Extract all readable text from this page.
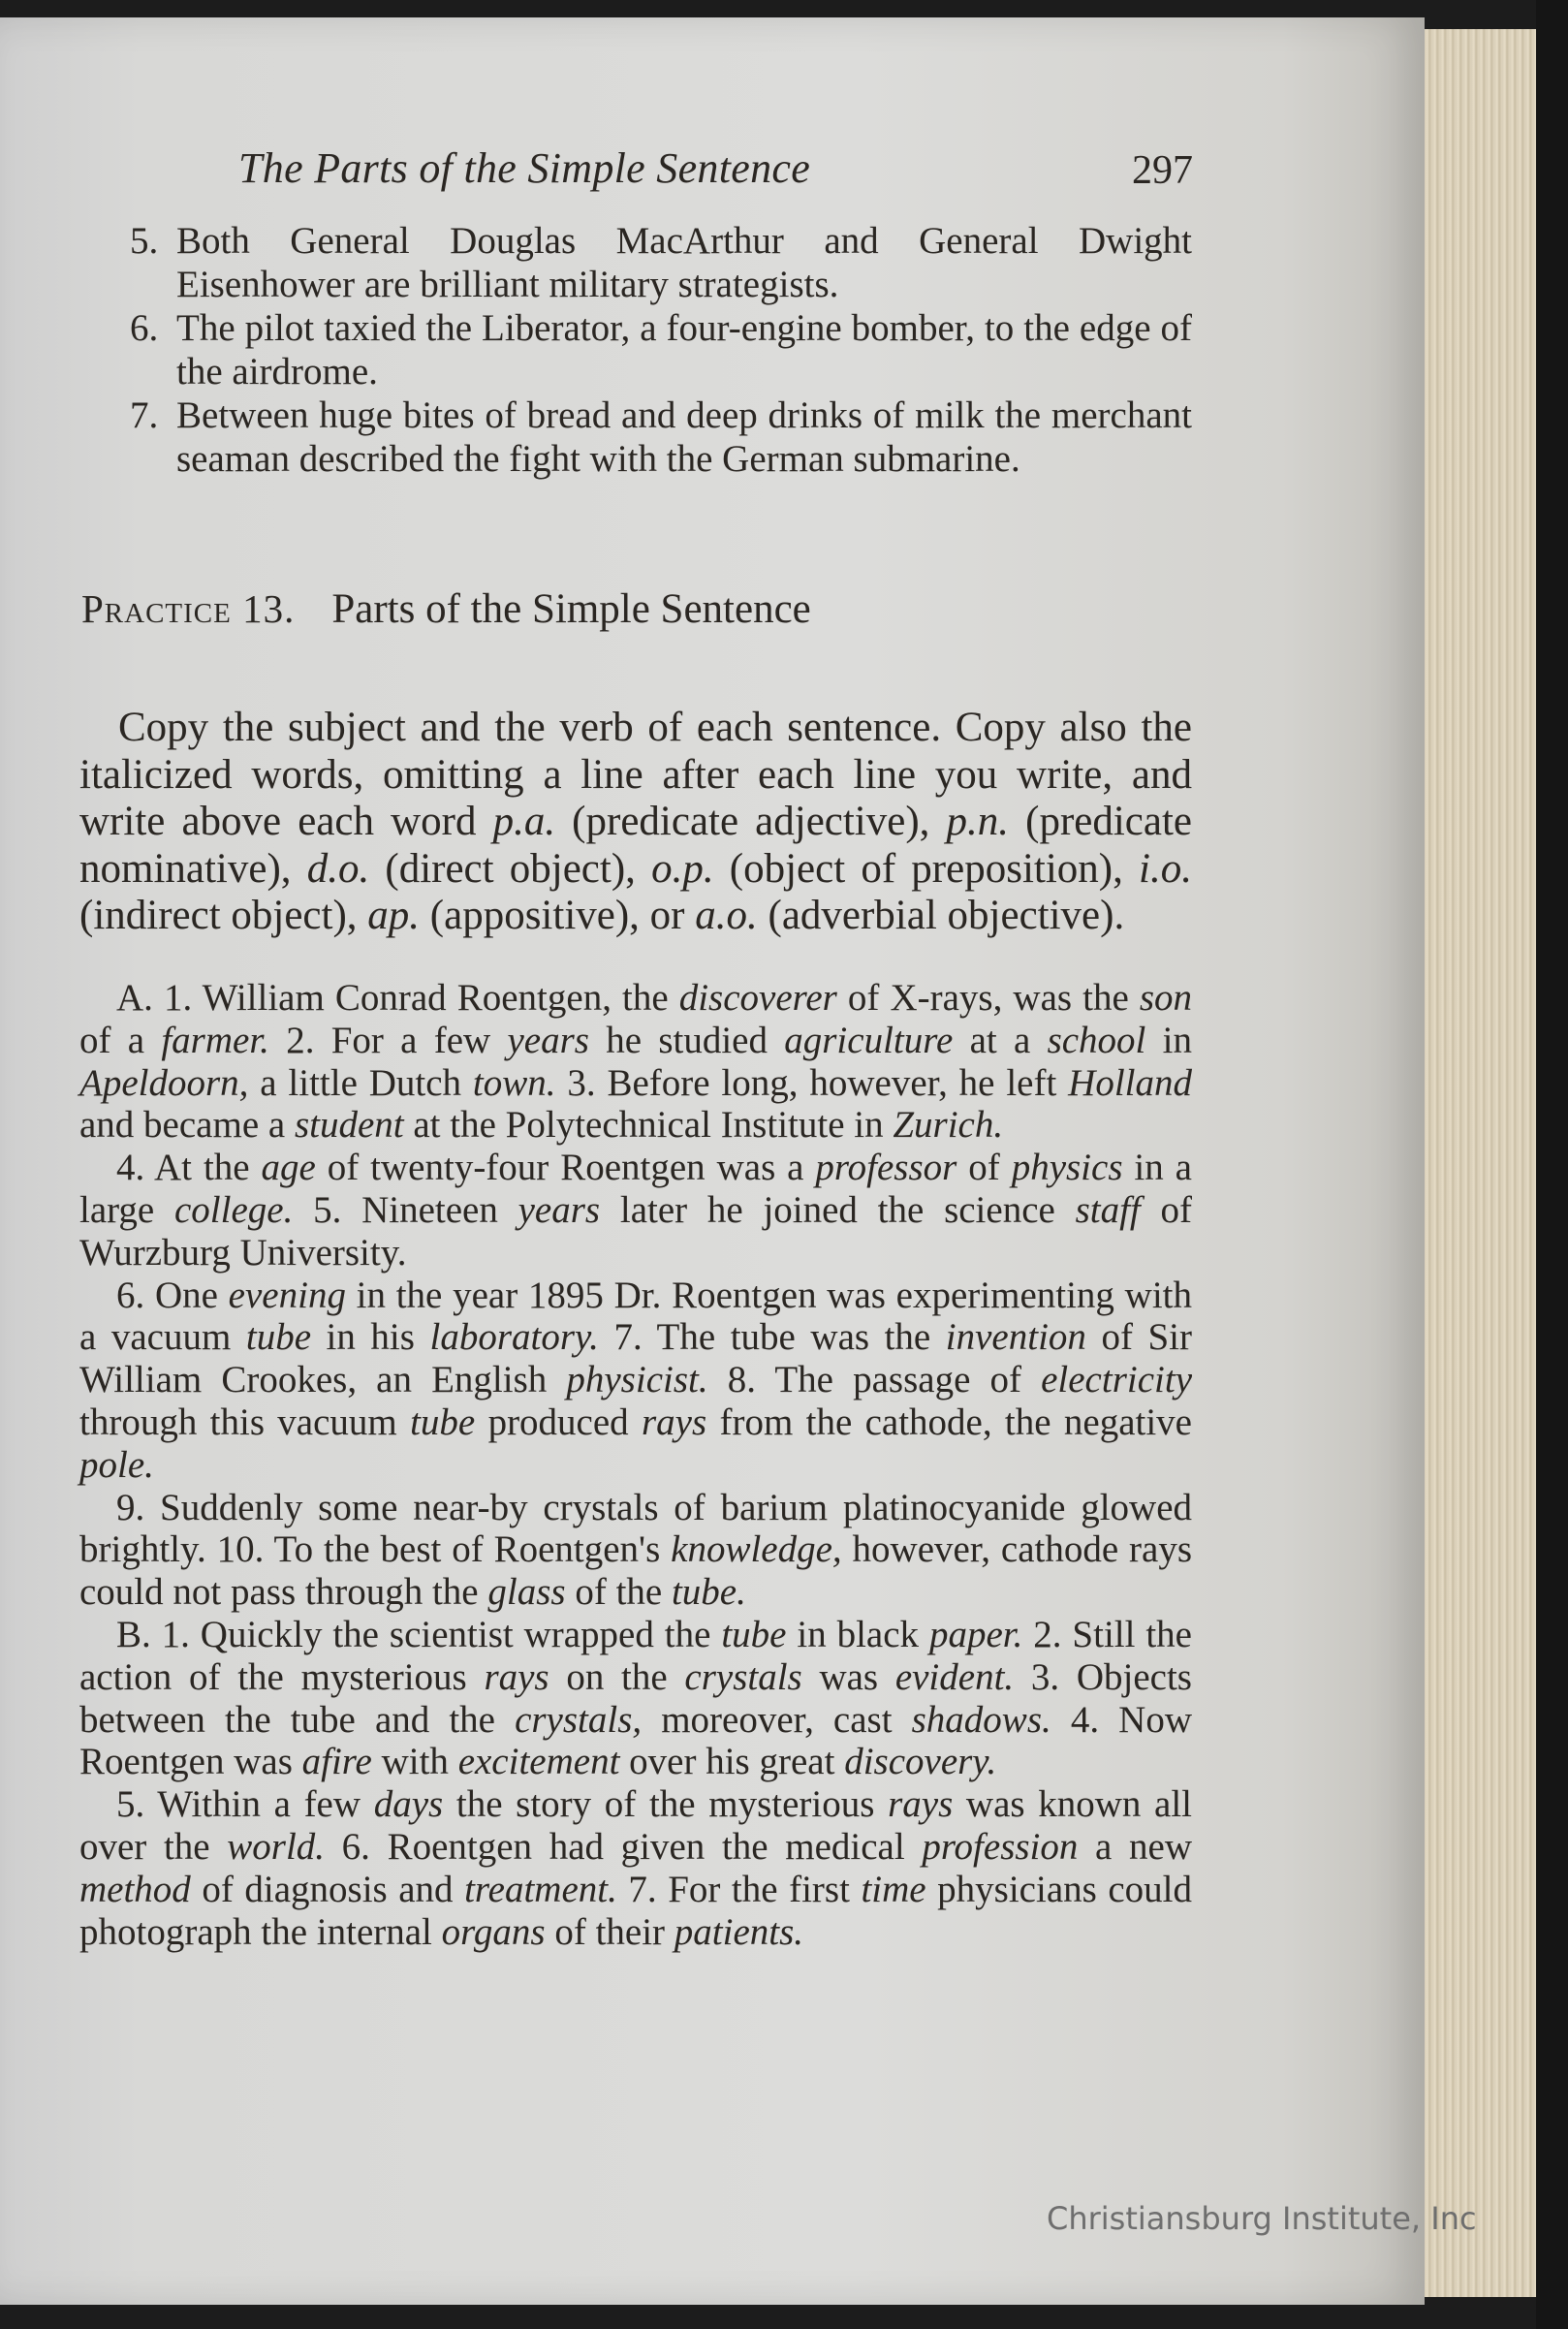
The Parts of the Simple Sentence	297
5. Both General Douglas MacArthur and General Dwight Eisenhower are brilliant military strategists.
6. The pilot taxied the Liberator, a four-engine bomber, to the edge of the airdrome.
7. Between huge bites of bread and deep drinks of milk the merchant seaman described the fight with the German submarine.
Practice 13. Parts of the Simple Sentence

Copy the subject and the verb of each sentence. Copy also the italicized words, omitting a line after each line you write, and write above each word p.a. (predicate adjective), p.n. (predicate nominative), d.o. (direct object), o.p. (object of preposition), i.o. (indirect object), ap. (appositive), or a.o. (adverbial objective).

A. 1. William Conrad Roentgen, the discoverer of X-rays, was the son of a farmer. 2. For a few years he studied agriculture at a school in Apeldoorn, a little Dutch town. 3. Before long, however, he left Holland and became a student at the Polytechnical Institute in Zurich.

4. At the age of twenty-four Roentgen was a professor of physics in a large college. 5. Nineteen years later he joined the science staff of Wurzburg University.

6. One evening in the year 1895 Dr. Roentgen was experimenting with a vacuum tube in his laboratory. 7. The tube was the invention of Sir William Crookes, an English physicist. 8. The passage of electricity through this vacuum tube produced rays from the cathode, the negative pole.

9. Suddenly some near-by crystals of barium platinocyanide glowed brightly. 10. To the best of Roentgen's knowledge, however, cathode rays could not pass through the glass of the tube.

B. 1. Quickly the scientist wrapped the tube in black paper. 2. Still the action of the mysterious rays on the crystals was evident. 3. Objects between the tube and the crystals, moreover, cast shadows. 4. Now Roentgen was afire with excitement over his great discovery.

5. Within a few days the story of the mysterious rays was known all over the world. 6. Roentgen had given the medical profession a new method of diagnosis and treatment. 7. For the first time physicians could photograph the internal organs of their patients.

Christiansburg Institute, Inc
